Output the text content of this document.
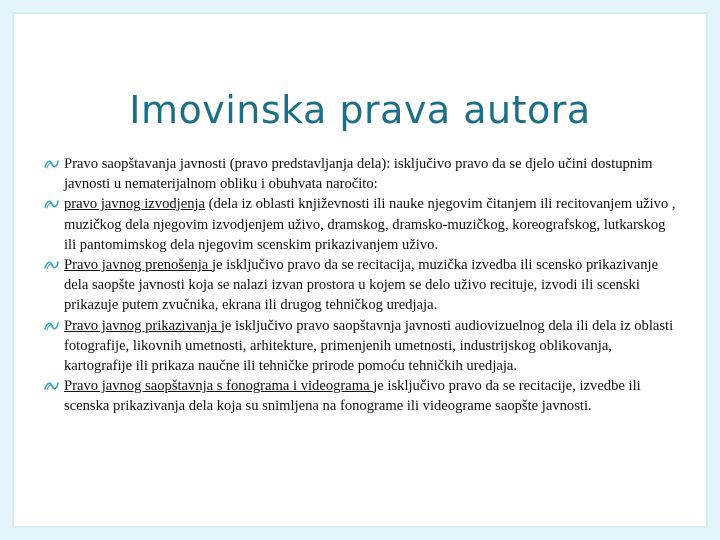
Imovinska prava autora
Pravo saopštavanja javnosti (pravo predstavljanja dela): isključivo pravo da se djelo učini dostupnim javnosti u nematerijalnom obliku i obuhvata naročito:
pravo javnog izvodjenja (dela iz oblasti književnosti ili nauke njegovim čitanjem ili recitovanjem uživo , muzičkog dela njegovim izvodjenjem uživo, dramskog, dramsko-muzičkog, koreografskog, lutkarskog ili pantomimskog dela njegovim scenskim prikazivanjem uživo.
Pravo javnog prenošenja je isključivo pravo da se recitacija, muzička izvedba ili scensko prikazivanje dela saopšte javnosti koja se nalazi izvan prostora u kojem se delo uživo recituje, izvodi ili scenski prikazuje putem zvučnika, ekrana ili drugog tehničkog uredjaja.
Pravo javnog prikazivanja je isključivo pravo saopštavnja javnosti audiovizuelnog dela ili dela iz oblasti fotografije, likovnih umetnosti, arhitekture, primenjenih umetnosti, industrijskog oblikovanja, kartografije ili prikaza naučne ili tehničke prirode pomoću tehničkih uredjaja.
Pravo javnog saopštavnja s fonograma i videograma je isključivo pravo da se recitacije, izvedbe ili scenska prikazivanja dela koja su snimljena na fonograme ili videograme saopšte javnosti.
